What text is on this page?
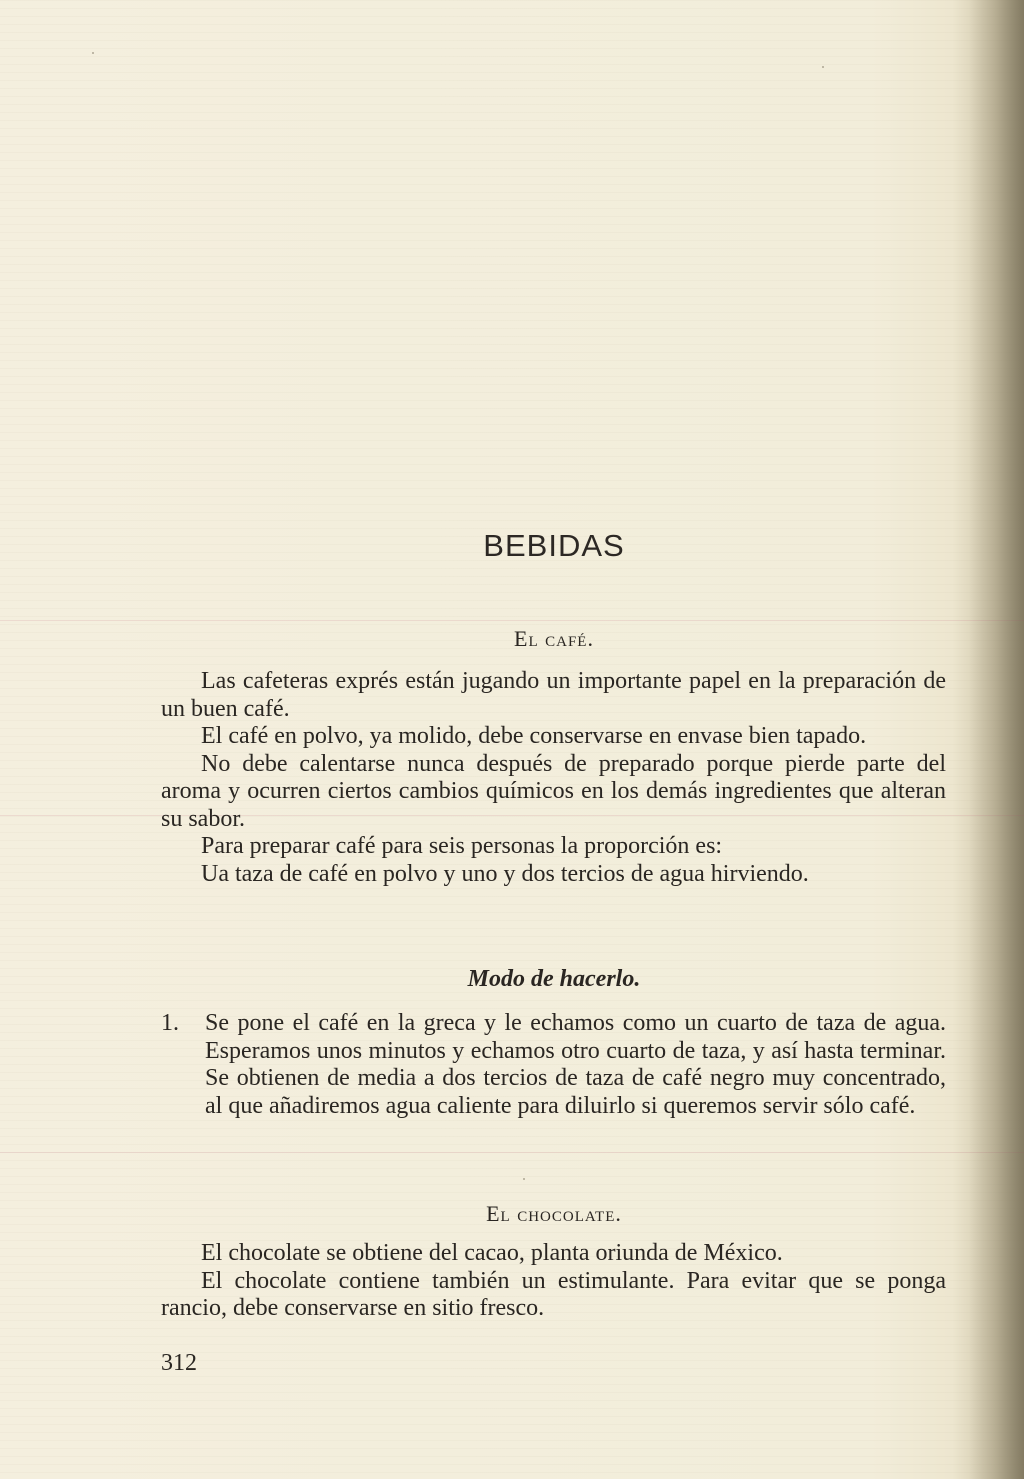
BEBIDAS
El café.

Las cafeteras exprés están jugando un importante papel en la preparación de un buen café.

El café en polvo, ya molido, debe conservarse en envase bien tapado.

No debe calentarse nunca después de preparado porque pierde parte del aroma y ocurren ciertos cambios químicos en los demás ingredientes que alteran su sabor.

Para preparar café para seis personas la proporción es:

Ua taza de café en polvo y uno y dos tercios de agua hirviendo.

Modo de hacerlo.
1.	Se pone el café en la greca y le echamos como un cuarto de taza de agua. Esperamos unos minutos y echamos otro cuarto de taza, y así hasta terminar. Se obtienen de media a dos tercios de taza de café negro muy concentrado, al que añadiremos agua caliente para diluirlo si queremos servir sólo café.
El chocolate.

El chocolate se obtiene del cacao, planta oriunda de México.

El chocolate contiene también un estimulante. Para evitar que se ponga rancio, debe conservarse en sitio fresco.

312
